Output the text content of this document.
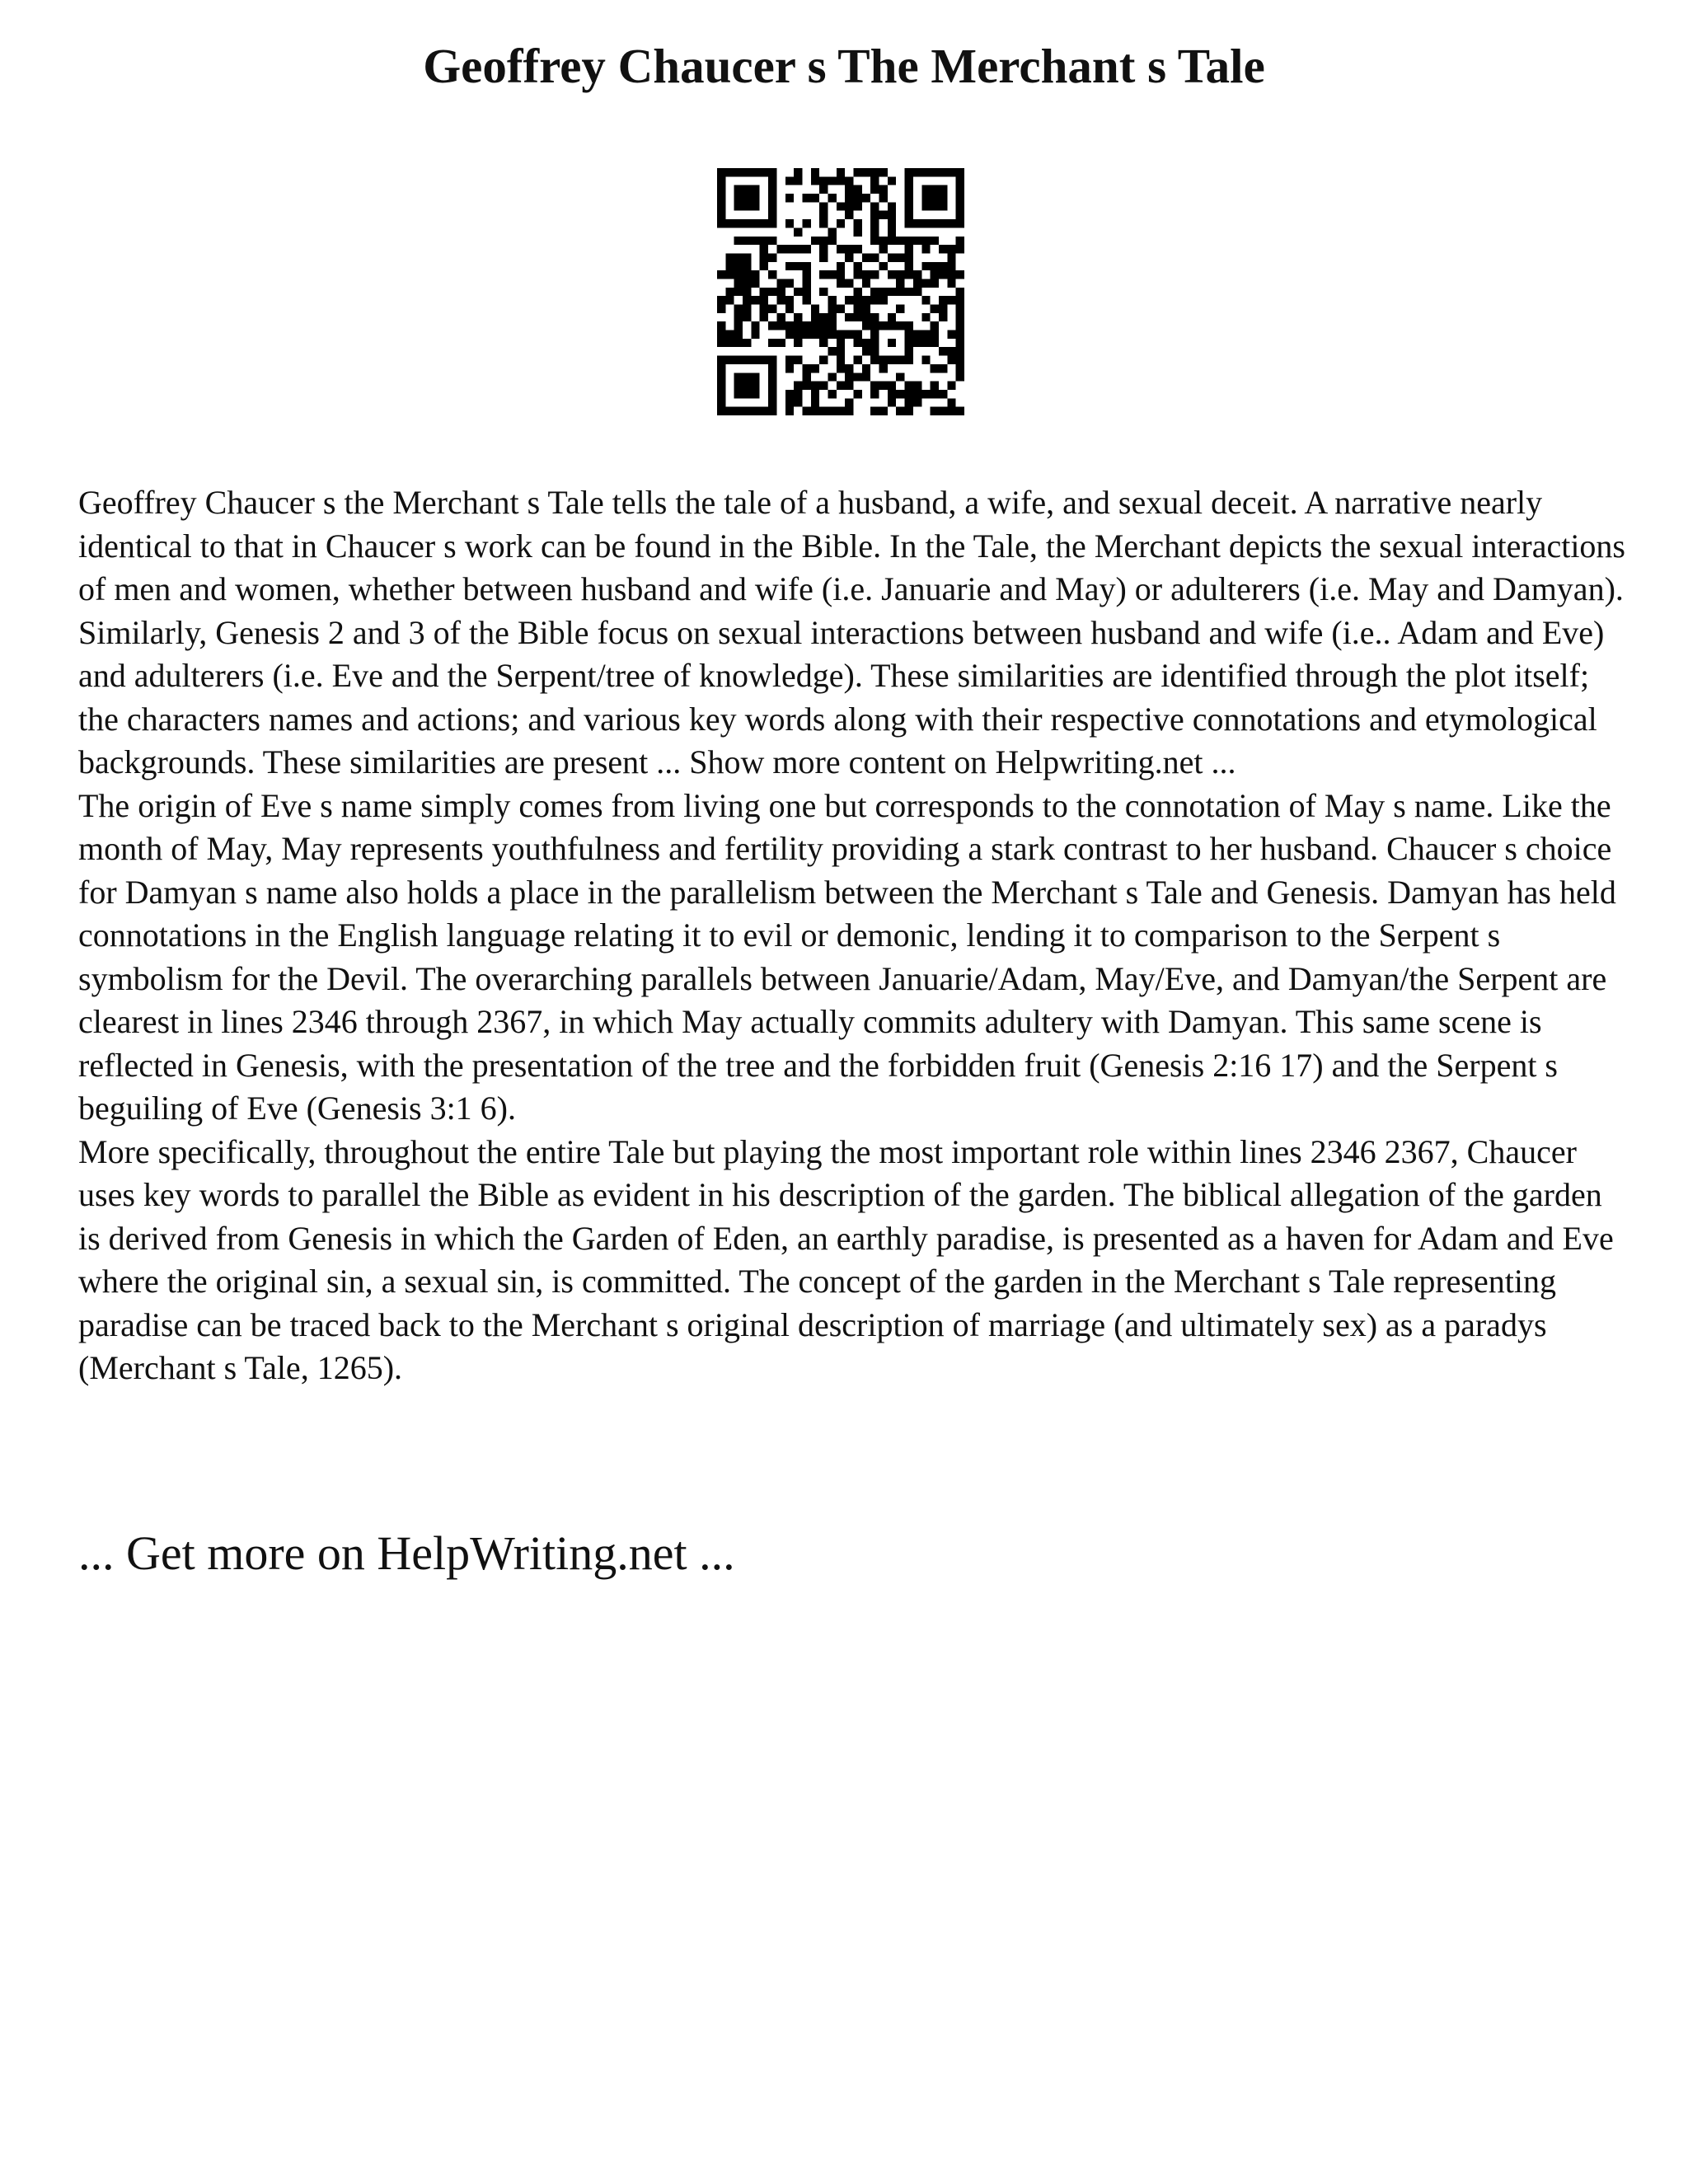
Geoffrey Chaucer s The Merchant s Tale

Geoffrey Chaucer s the Merchant s Tale tells the tale of a husband, a wife, and sexual deceit. A narrative nearly identical to that in Chaucer s work can be found in the Bible. In the Tale, the Merchant depicts the sexual interactions of men and women, whether between husband and wife (i.e. Januarie and May) or adulterers (i.e. May and Damyan). Similarly, Genesis 2 and 3 of the Bible focus on sexual interactions between husband and wife (i.e.. Adam and Eve) and adulterers (i.e. Eve and the Serpent/tree of knowledge). These similarities are identified through the plot itself; the characters names and actions; and various key words along with their respective connotations and etymological backgrounds. These similarities are present ... Show more content on Helpwriting.net ...

The origin of Eve s name simply comes from living one but corresponds to the connotation of May s name. Like the month of May, May represents youthfulness and fertility providing a stark contrast to her husband. Chaucer s choice for Damyan s name also holds a place in the parallelism between the Merchant s Tale and Genesis. Damyan has held connotations in the English language relating it to evil or demonic, lending it to comparison to the Serpent s symbolism for the Devil. The overarching parallels between Januarie/Adam, May/Eve, and Damyan/the Serpent are clearest in lines 2346 through 2367, in which May actually commits adultery with Damyan. This same scene is reflected in Genesis, with the presentation of the tree and the forbidden fruit (Genesis 2:16 17) and the Serpent s beguiling of Eve (Genesis 3:1 6).

More specifically, throughout the entire Tale but playing the most important role within lines 2346 2367, Chaucer uses key words to parallel the Bible as evident in his description of the garden. The biblical allegation of the garden is derived from Genesis in which the Garden of Eden, an earthly paradise, is presented as a haven for Adam and Eve where the original sin, a sexual sin, is committed. The concept of the garden in the Merchant s Tale representing paradise can be traced back to the Merchant s original description of marriage (and ultimately sex) as a paradys (Merchant s Tale, 1265).

... Get more on HelpWriting.net ...
